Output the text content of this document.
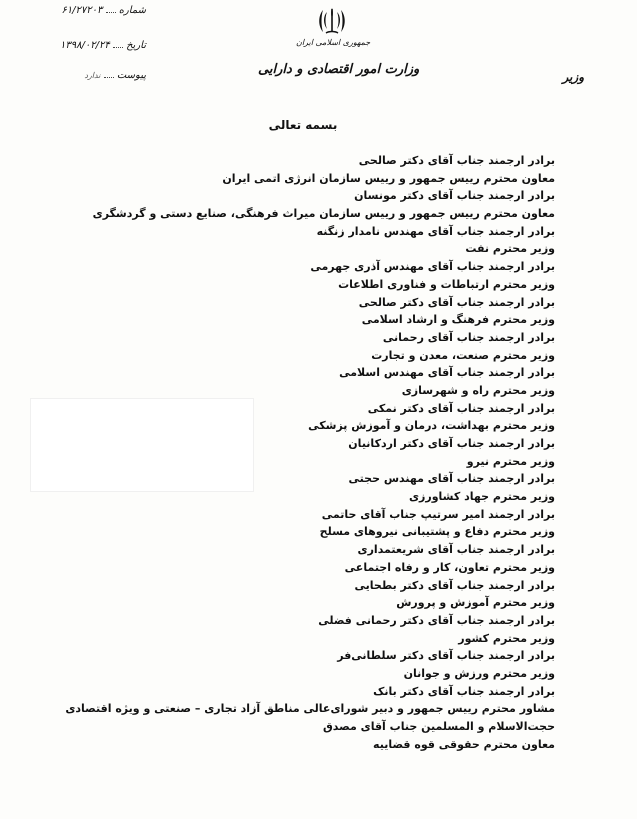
جمهوری اسلامی ایران
وزارت امور اقتصادی و دارایی	وزیر
شماره  ۶۱/۲۷۲۰۳
تاریخ  ۱۳۹۸/۰۲/۲۴
پیوست  ندارد
بسمه تعالی
برادر ارجمند جناب آقای دکتر صالحی
معاون محترم رییس جمهور و رییس سازمان انرژی اتمی ایران
برادر ارجمند جناب آقای دکتر مونسان
معاون محترم رییس جمهور و رییس سازمان میراث فرهنگی، صنایع دستی و گردشگری
برادر ارجمند جناب آقای مهندس نامدار زنگنه
وزیر محترم نفت
برادر ارجمند جناب آقای مهندس آذری جهرمی
وزیر محترم ارتباطات و فناوری اطلاعات
برادر ارجمند جناب آقای دکتر صالحی
وزیر محترم فرهنگ و ارشاد اسلامی
برادر ارجمند جناب آقای رحمانی
وزیر محترم صنعت، معدن و تجارت
برادر ارجمند جناب آقای مهندس اسلامی
وزیر محترم راه و شهرسازی
برادر ارجمند جناب آقای دکتر نمکی
وزیر محترم بهداشت، درمان و آموزش پزشکی
برادر ارجمند جناب آقای دکتر اردکانیان
وزیر محترم نیرو
برادر ارجمند جناب آقای مهندس حجتی
وزیر محترم جهاد کشاورزی
برادر ارجمند امیر سرتیپ جناب آقای حاتمی
وزیر محترم دفاع و پشتیبانی نیروهای مسلح
برادر ارجمند جناب آقای شریعتمداری
وزیر محترم تعاون، کار و رفاه اجتماعی
برادر ارجمند جناب آقای دکتر بطحایی
وزیر محترم آموزش و پرورش
برادر ارجمند جناب آقای دکتر رحمانی فضلی
وزیر محترم کشور
برادر ارجمند جناب آقای دکتر سلطانی‌فر
وزیر محترم ورزش و جوانان
برادر ارجمند جناب آقای دکتر بانک
مشاور محترم رییس جمهور و دبیر شورای‌عالی مناطق آزاد تجاری – صنعتی و ویژه اقتصادی
حجت‌الاسلام و المسلمین جناب آقای مصدق
معاون محترم حقوقی قوه قضاییه
